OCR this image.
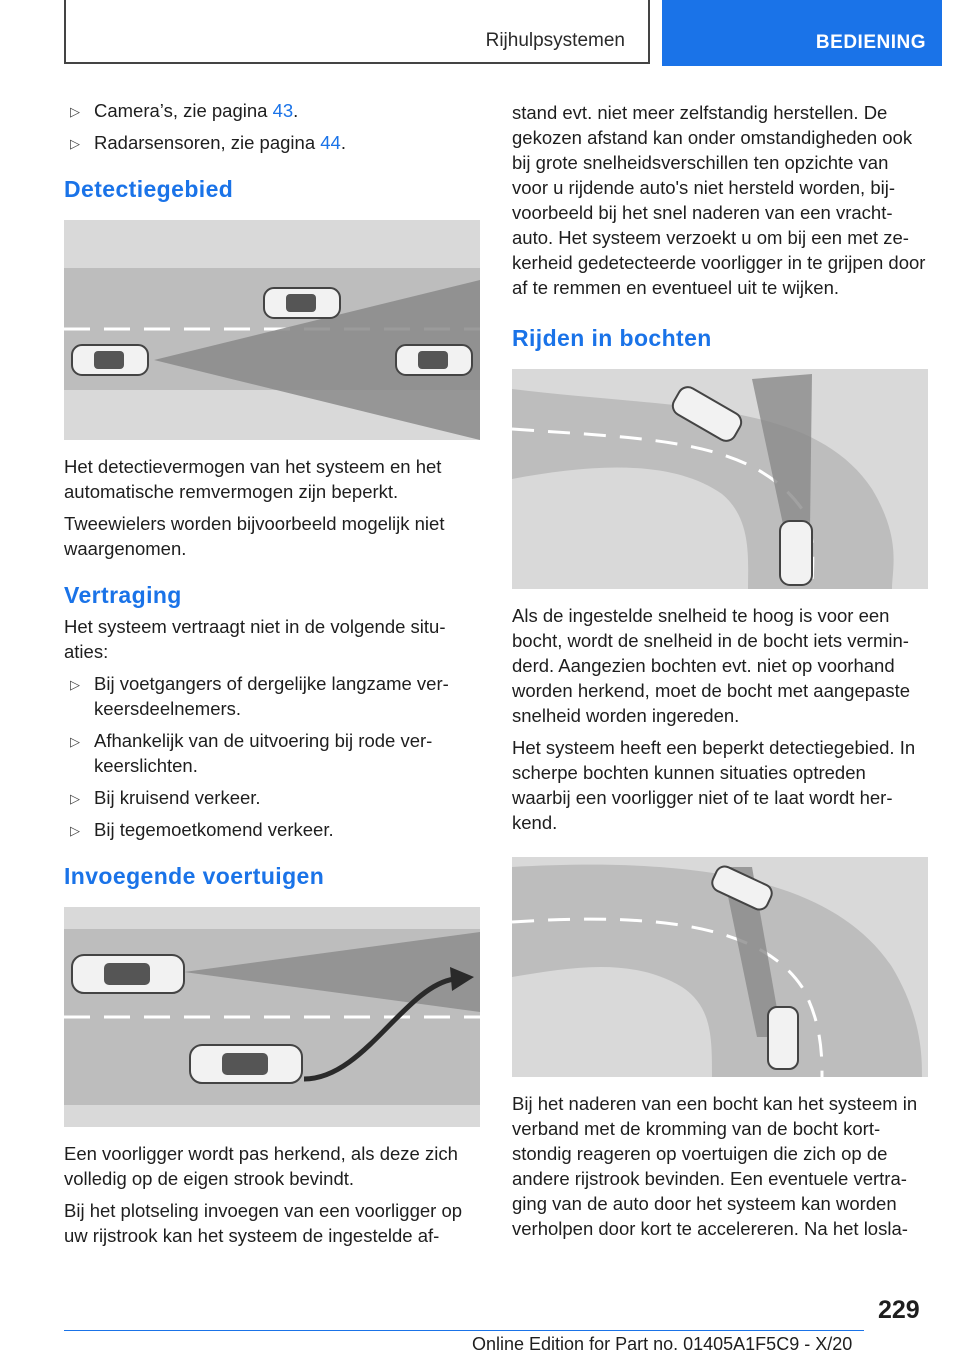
Rijhulpsystemen	BEDIENING
▷ Camera’s, zie pagina 43.
▷ Radarsensoren, zie pagina 44.
Detectiegebied

Het detectievermogen van het systeem en het automatische remvermogen zijn beperkt.

Tweewielers worden bijvoorbeeld mogelijk niet waargenomen.

Vertraging

Het systeem vertraagt niet in de volgende situ‐aties:

▷ Bij voetgangers of dergelijke langzame ver‐keersdeelnemers.
▷ Afhankelijk van de uitvoering bij rode ver‐keerslichten.
▷ Bij kruisend verkeer.
▷ Bij tegemoetkomend verkeer.
Invoegende voertuigen

Een voorligger wordt pas herkend, als deze zich volledig op de eigen strook bevindt.

Bij het plotseling invoegen van een voorligger op uw rijstrook kan het systeem de ingestelde af‐

stand evt. niet meer zelfstandig herstellen. De gekozen afstand kan onder omstandigheden ook bij grote snelheidsverschillen ten opzichte van voor u rijdende auto's niet hersteld worden, bij‐voorbeeld bij het snel naderen van een vracht‐auto. Het systeem verzoekt u om bij een met ze‐kerheid gedetecteerde voorligger in te grijpen door af te remmen en eventueel uit te wijken.

Rijden in bochten

Als de ingestelde snelheid te hoog is voor een bocht, wordt de snelheid in de bocht iets vermin‐derd. Aangezien bochten evt. niet op voorhand worden herkend, moet de bocht met aangepaste snelheid worden ingereden.

Het systeem heeft een beperkt detectiegebied. In scherpe bochten kunnen situaties optreden waarbij een voorligger niet of te laat wordt her‐kend.

Bij het naderen van een bocht kan het systeem in verband met de kromming van de bocht kort‐stondig reageren op voertuigen die zich op de andere rijstrook bevinden. Een eventuele vertra‐ging van de auto door het systeem kan worden verholpen door kort te accelereren. Na het losla‐

229
Online Edition for Part no. 01405A1F5C9 - X/20
